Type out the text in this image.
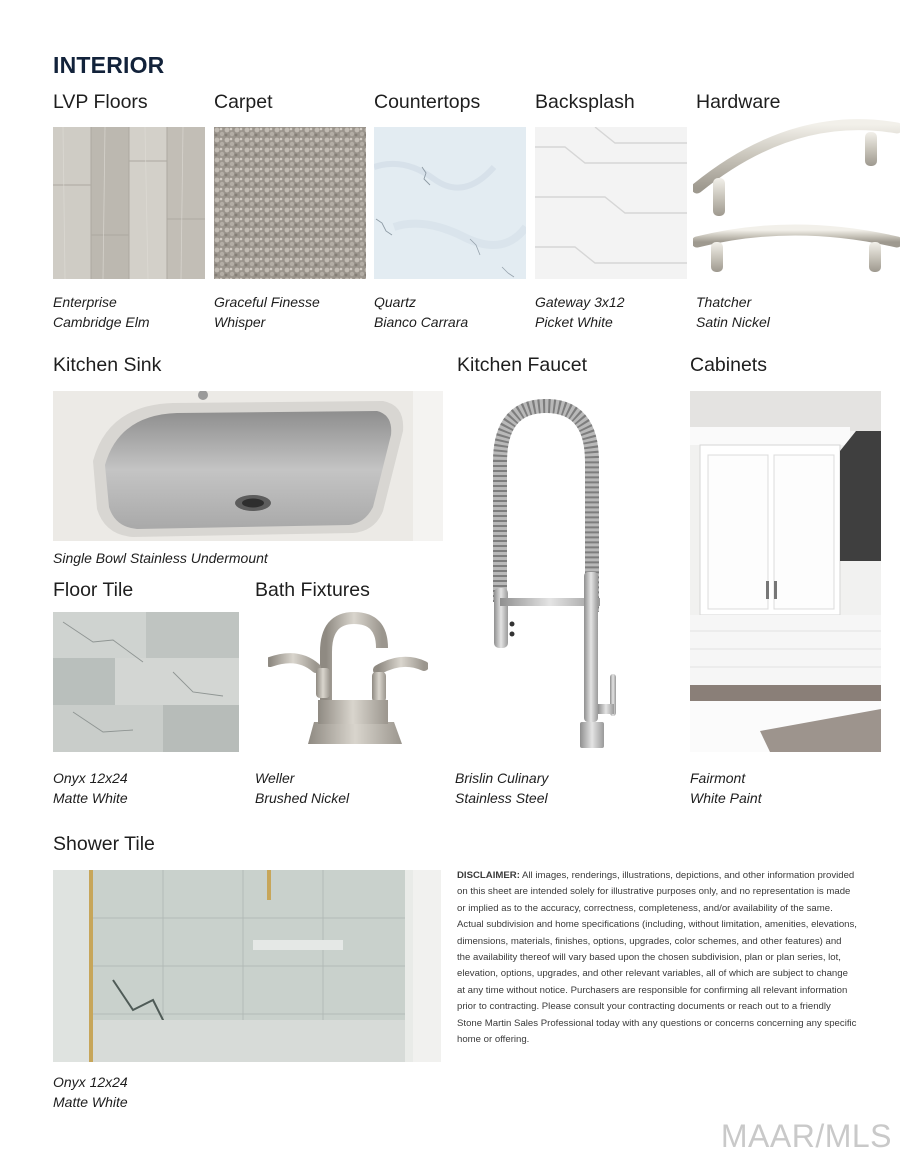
INTERIOR
LVP Floors	Carpet	Countertops	Backsplash	Hardware
Enterprise
Cambridge Elm
Graceful Finesse
Whisper
Quartz
Bianco Carrara
Gateway 3x12
Picket White
Thatcher
Satin Nickel
Kitchen Sink	Kitchen Faucet	Cabinets
Single Bowl Stainless Undermount
Brislin Culinary
Stainless Steel
Fairmont
White Paint
Floor Tile	Bath Fixtures
Onyx 12x24
Matte White
Weller
Brushed Nickel
Shower Tile
Onyx 12x24
Matte White
DISCLAIMER: All images, renderings, illustrations, depictions, and other information provided on this sheet are intended solely for illustrative purposes only, and no representation is made or implied as to the accuracy, correctness, completeness, and/or availability of the same. Actual subdivision and home specifications (including, without limitation, amenities, elevations, dimensions, materials, finishes, options, upgrades, color schemes, and other features) and the availability thereof will vary based upon the chosen subdivision, plan or plan series, lot, elevation, options, upgrades, and other relevant variables, all of which are subject to change at any time without notice. Purchasers are responsible for confirming all relevant information prior to contracting. Please consult your contracting documents or reach out to a friendly Stone Martin Sales Professional today with any questions or concerns concerning any specific home or offering.
MAAR/MLS
